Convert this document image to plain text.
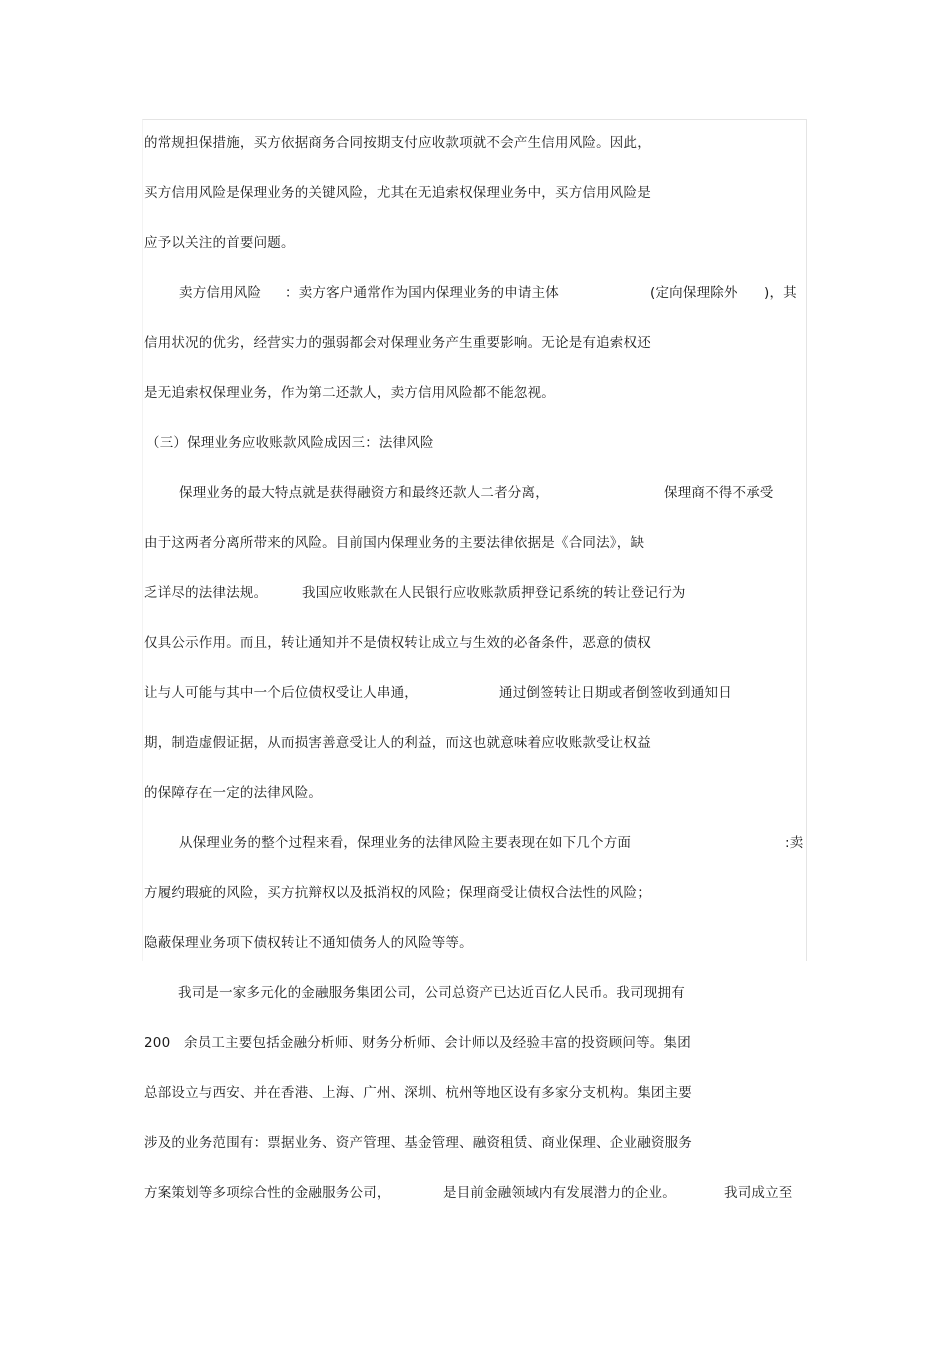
的常规担保措施，买方依据商务合同按期支付应收款项就不会产生信用风险。因此，
买方信用风险是保理业务的关键风险，尤其在无追索权保理业务中，买方信用风险是
应予以关注的首要问题。
卖方信用风险 ：卖方客户通常作为国内保理业务的申请主体	(定向保理除外 )，其
信用状况的优劣，经营实力的强弱都会对保理业务产生重要影响。无论是有追索权还
是无追索权保理业务，作为第二还款人，卖方信用风险都不能忽视。
（三）保理业务应收账款风险成因三：法律风险
保理业务的最大特点就是获得融资方和最终还款人二者分离，	保理商不得不承受
由于这两者分离所带来的风险。目前国内保理业务的主要法律依据是《合同法》，缺
乏详尽的法律法规。	我国应收账款在人民银行应收账款质押登记系统的转让登记行为
仅具公示作用。而且，转让通知并不是债权转让成立与生效的必备条件，恶意的债权
让与人可能与其中一个后位债权受让人串通，	通过倒签转让日期或者倒签收到通知日
期，制造虚假证据，从而损害善意受让人的利益，而这也就意味着应收账款受让权益
的保障存在一定的法律风险。
从保理业务的整个过程来看，保理业务的法律风险主要表现在如下几个方面	:卖
方履约瑕疵的风险，买方抗辩权以及抵消权的风险；保理商受让债权合法性的风险；
隐蔽保理业务项下债权转让不通知债务人的风险等等。
我司是一家多元化的金融服务集团公司，公司总资产已达近百亿人民币。我司现拥有
200 余员工主要包括金融分析师、财务分析师、会计师以及经验丰富的投资顾问等。集团
总部设立与西安、并在香港、上海、广州、深圳、杭州等地区设有多家分支机构。集团主要
涉及的业务范围有：票据业务、资产管理、基金管理、融资租赁、商业保理、企业融资服务
方案策划等多项综合性的金融服务公司，	是目前金融领域内有发展潜力的企业。	我司成立至
